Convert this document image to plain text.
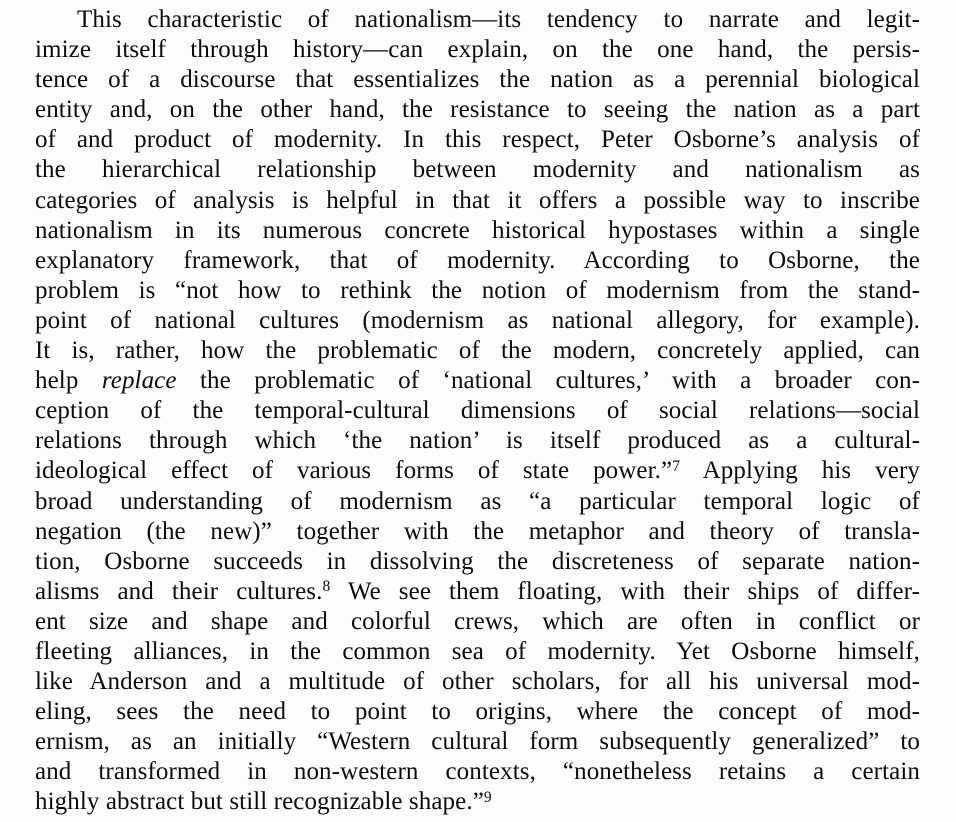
This characteristic of nationalism—its tendency to narrate and legit-
imize itself through history—can explain, on the one hand, the persis-
tence of a discourse that essentializes the nation as a perennial biological
entity and, on the other hand, the resistance to seeing the nation as a part
of and product of modernity. In this respect, Peter Osborne’s analysis of
the hierarchical relationship between modernity and nationalism as
categories of analysis is helpful in that it offers a possible way to inscribe
nationalism in its numerous concrete historical hypostases within a single
explanatory framework, that of modernity. According to Osborne, the
problem is “not how to rethink the notion of modernism from the stand-
point of national cultures (modernism as national allegory, for example).
It is, rather, how the problematic of the modern, concretely applied, can
help replace the problematic of ‘national cultures,’ with a broader con-
ception of the temporal-cultural dimensions of social relations—social
relations through which ‘the nation’ is itself produced as a cultural-
ideological effect of various forms of state power.”$^7$ Applying his very
broad understanding of modernism as “a particular temporal logic of
negation (the new)” together with the metaphor and theory of transla-
tion, Osborne succeeds in dissolving the discreteness of separate nation-
alisms and their cultures.$^8$ We see them floating, with their ships of differ-
ent size and shape and colorful crews, which are often in conflict or
fleeting alliances, in the common sea of modernity. Yet Osborne himself,
like Anderson and a multitude of other scholars, for all his universal mod-
eling, sees the need to point to origins, where the concept of mod-
ernism, as an initially “Western cultural form subsequently generalized” to
and transformed in non-western contexts, “nonetheless retains a certain
highly abstract but still recognizable shape.”$^9$
